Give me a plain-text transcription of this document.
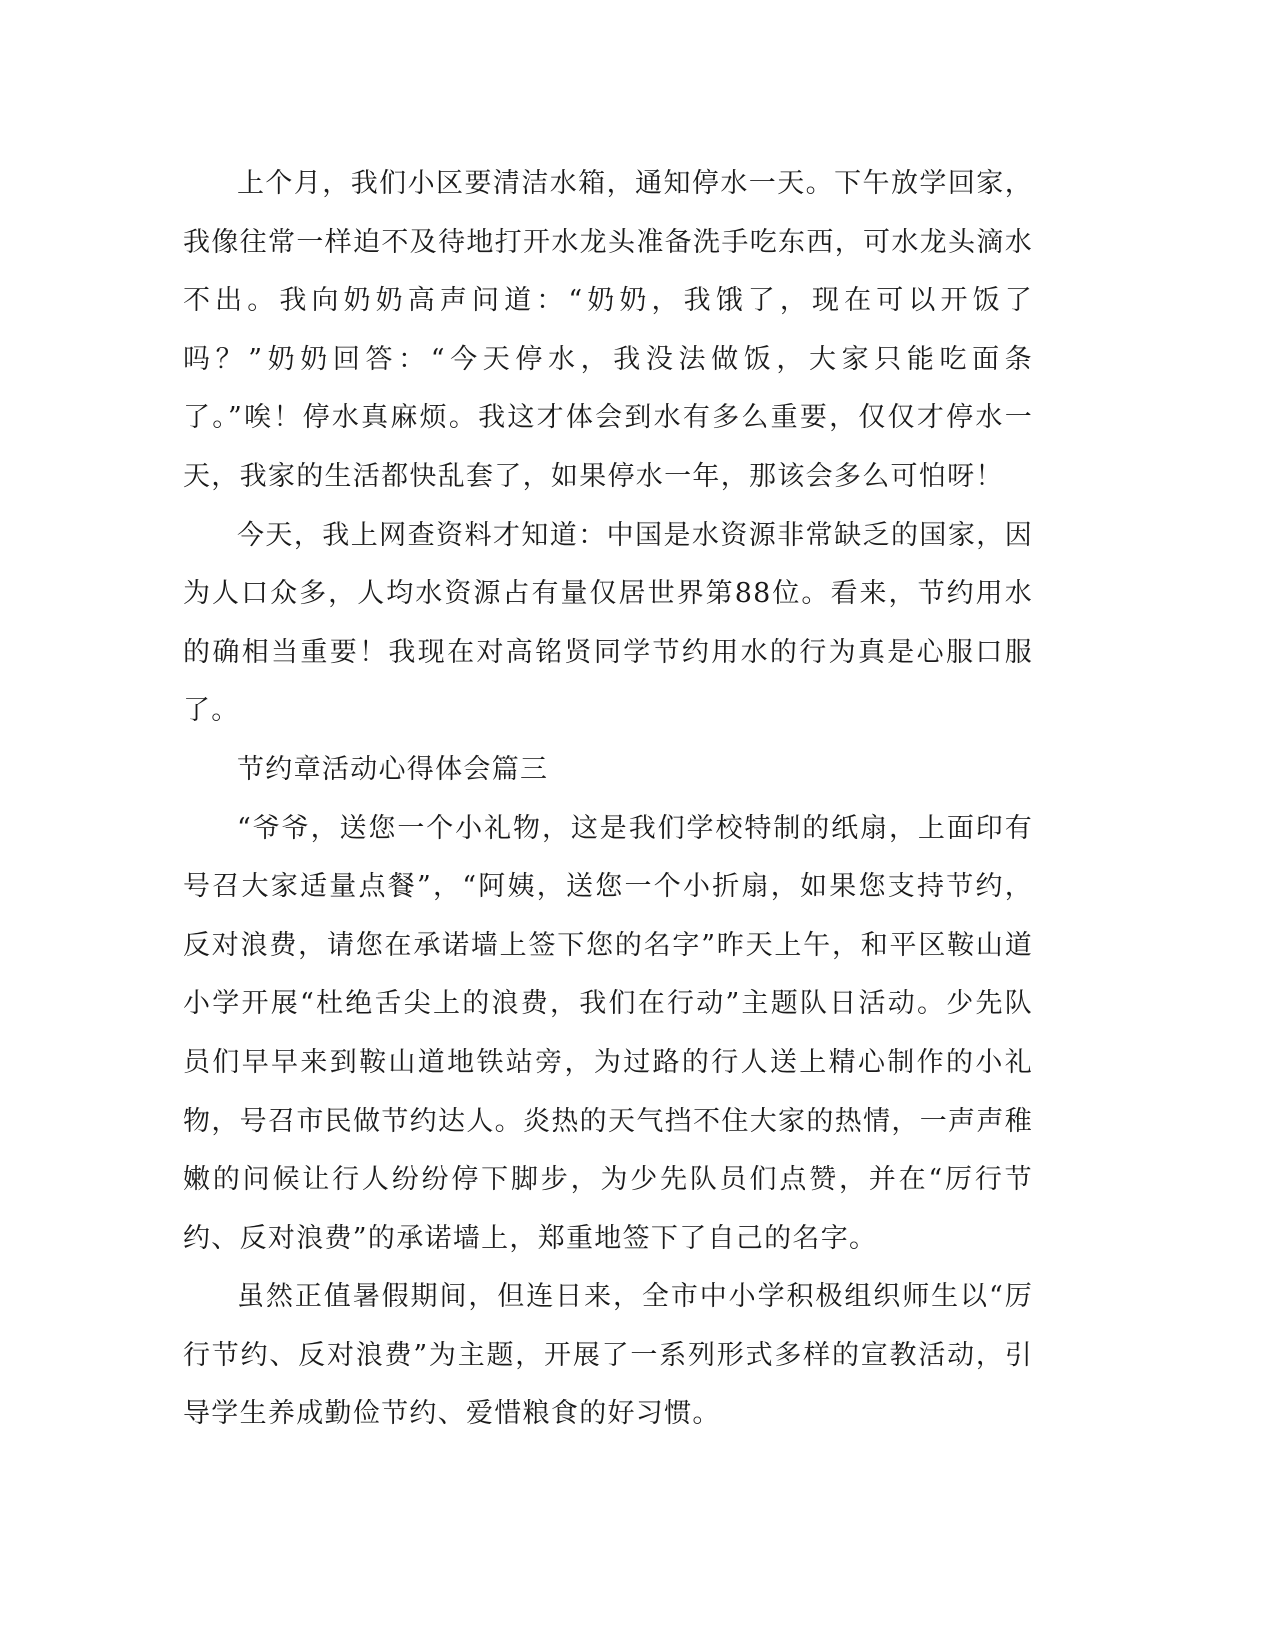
上个月，我们小区要清洁水箱，通知停水一天。下午放学回家，我像往常一样迫不及待地打开水龙头准备洗手吃东西，可水龙头滴水不出。我向奶奶高声问道：“奶奶，我饿了，现在可以开饭了吗？”奶奶回答：“今天停水，我没法做饭，大家只能吃面条了。”唉！停水真麻烦。我这才体会到水有多么重要，仅仅才停水一天，我家的生活都快乱套了，如果停水一年，那该会多么可怕呀！

今天，我上网查资料才知道：中国是水资源非常缺乏的国家，因为人口众多，人均水资源占有量仅居世界第88位。看来，节约用水的确相当重要！我现在对高铭贤同学节约用水的行为真是心服口服了。

节约章活动心得体会篇三

“爷爷，送您一个小礼物，这是我们学校特制的纸扇，上面印有号召大家适量点餐”，“阿姨，送您一个小折扇，如果您支持节约，反对浪费，请您在承诺墙上签下您的名字”昨天上午，和平区鞍山道小学开展“杜绝舌尖上的浪费，我们在行动”主题队日活动。少先队员们早早来到鞍山道地铁站旁，为过路的行人送上精心制作的小礼物，号召市民做节约达人。炎热的天气挡不住大家的热情，一声声稚嫩的问候让行人纷纷停下脚步，为少先队员们点赞，并在“厉行节约、反对浪费”的承诺墙上，郑重地签下了自己的名字。

虽然正值暑假期间，但连日来，全市中小学积极组织师生以“厉行节约、反对浪费”为主题，开展了一系列形式多样的宣教活动，引导学生养成勤俭节约、爱惜粮食的好习惯。
